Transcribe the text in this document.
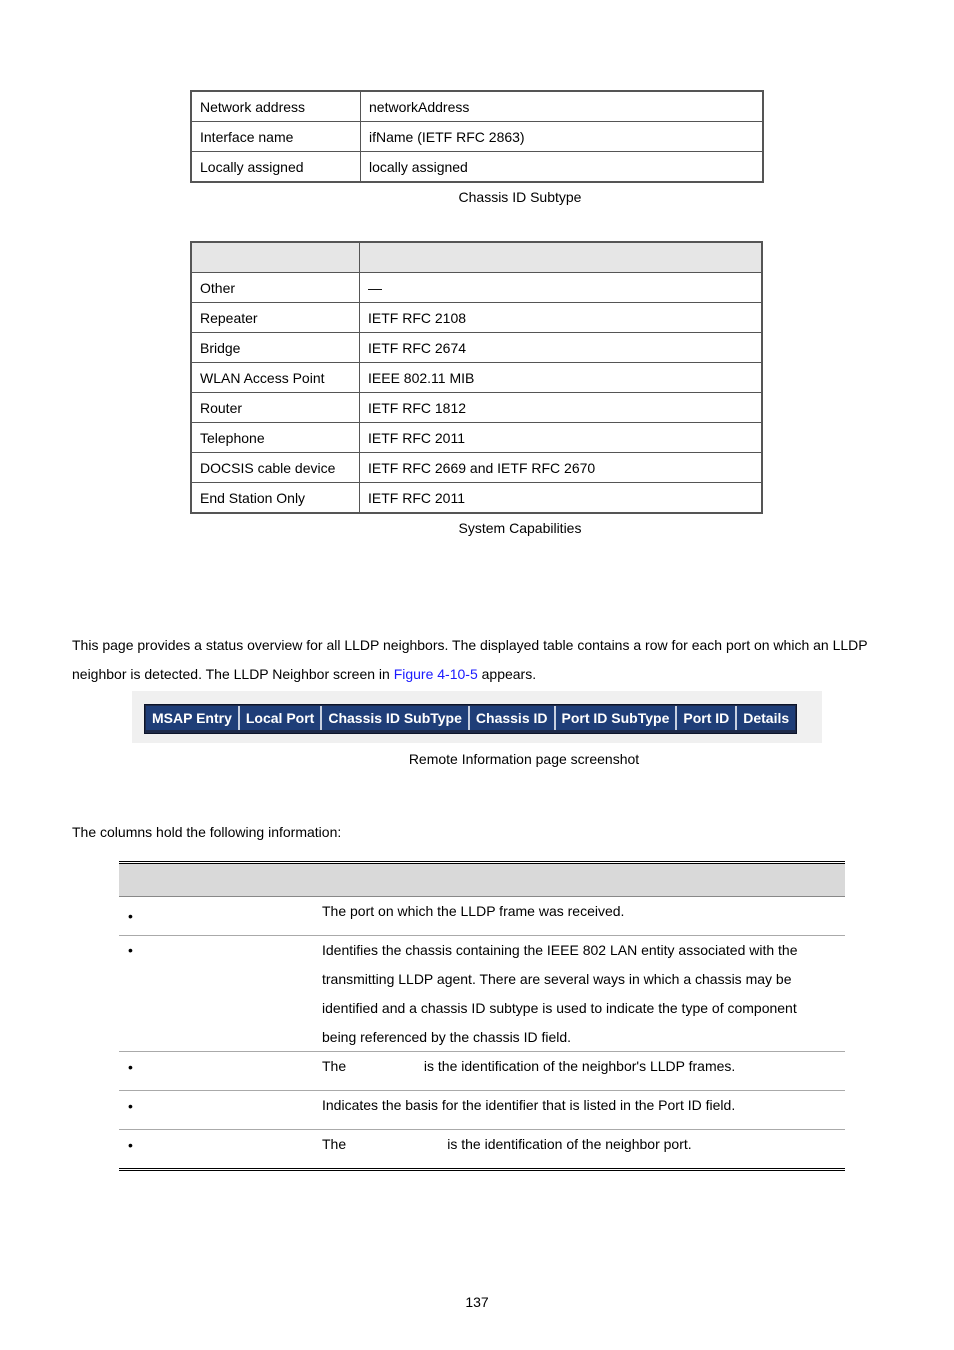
Network address	networkAddress
Interface name	ifName (IETF RFC 2863)
Locally assigned	locally assigned
Chassis ID Subtype

Other	—
Repeater	IETF RFC 2108
Bridge	IETF RFC 2674
WLAN Access Point	IEEE 802.11 MIB
Router	IETF RFC 1812
Telephone	IETF RFC 2011
DOCSIS cable device	IETF RFC 2669 and IETF RFC 2670
End Station Only	IETF RFC 2011
System Capabilities
This page provides a status overview for all LLDP neighbors. The displayed table contains a row for each port on which an LLDP neighbor is detected. The LLDP Neighbor screen in Figure 4-10-5 appears.
MSAP Entry	Local Port	Chassis ID SubType	Chassis ID	Port ID SubType	Port ID	Details
Remote Information page screenshot
The columns hold the following information:
•	The port on which the LLDP frame was received.
•	Identifies the chassis containing the IEEE 802 LAN entity associated with the
transmitting LLDP agent. There are several ways in which a chassis may be
identified and a chassis ID subtype is used to indicate the type of component
being referenced by the chassis ID field.
•	The                    is the identification of the neighbor's LLDP frames.
•	Indicates the basis for the identifier that is listed in the Port ID field.
•	The                          is the identification of the neighbor port.
137
